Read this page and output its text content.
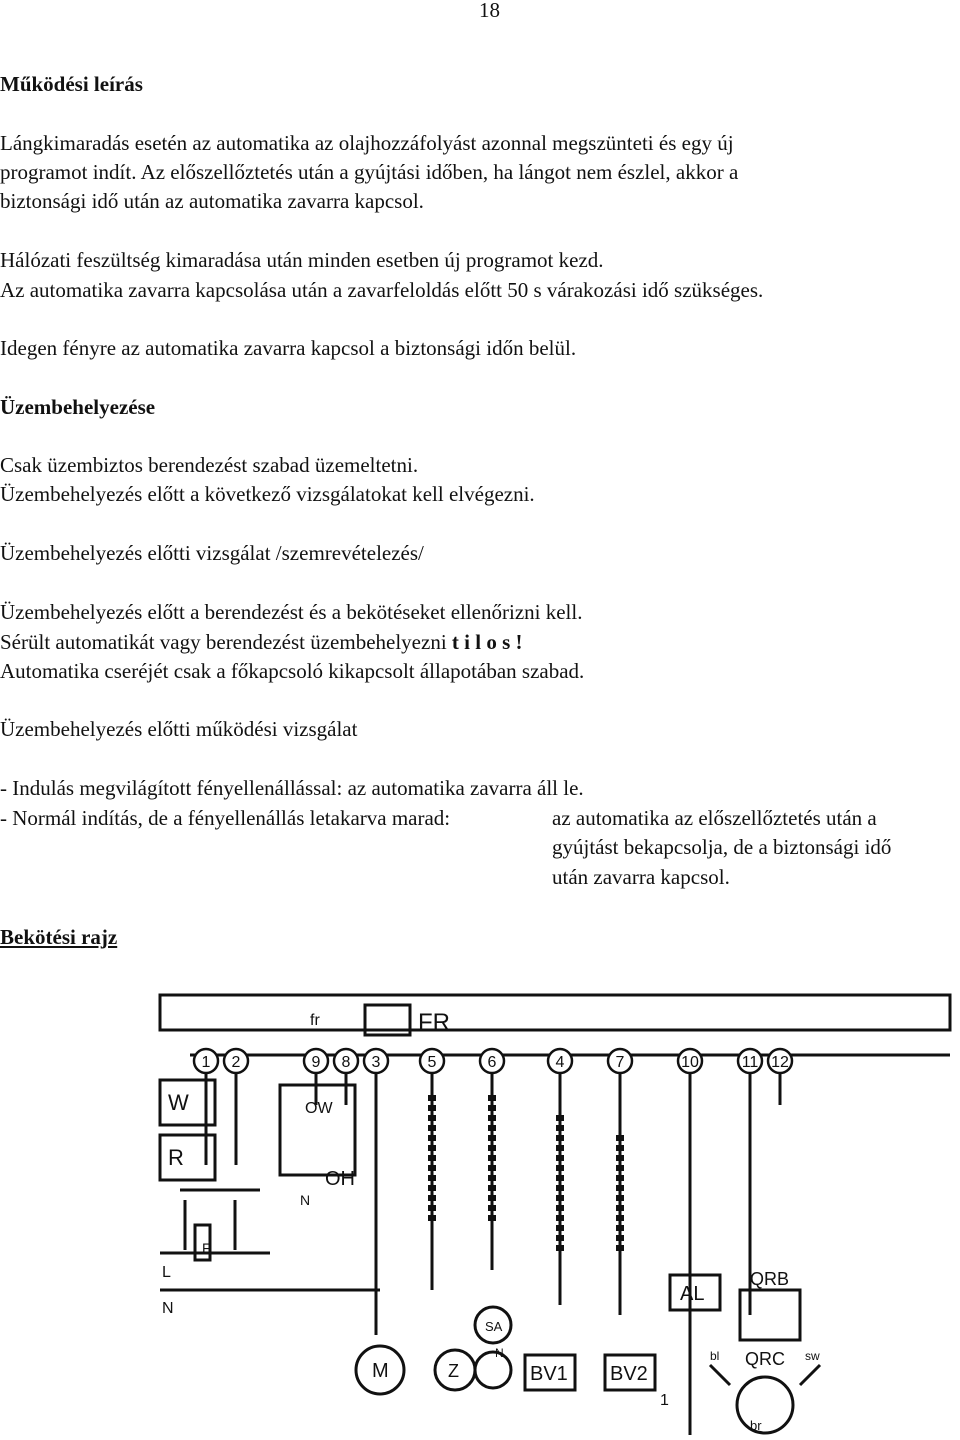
18
Működési leírás
Lángkimaradás esetén az automatika az olajhozzáfolyást azonnal megszünteti és egy új
programot indít. Az előszellőztetés után a gyújtási időben, ha lángot nem észlel, akkor a
biztonsági idő után az automatika zavarra kapcsol.
Hálózati feszültség kimaradása után minden esetben új programot kezd.
Az automatika zavarra kapcsolása után a zavarfeloldás előtt 50 s várakozási idő szükséges.
Idegen fényre az automatika zavarra kapcsol a biztonsági időn belül.
Üzembehelyezése
Csak üzembiztos berendezést szabad üzemeltetni.
Üzembehelyezés előtt a következő vizsgálatokat kell elvégezni.
Üzembehelyezés előtti vizsgálat /szemrevételezés/
Üzembehelyezés előtt a berendezést és a bekötéseket ellenőrizni kell.
Sérült automatikát vagy berendezést üzembehelyezni t i l o s !
Automatika cseréjét csak a főkapcsoló kikapcsolt állapotában szabad.
Üzembehelyezés előtti működési vizsgálat
- Indulás megvilágított fényellenállással: az automatika zavarra áll le.
- Normál indítás, de a fényellenállás letakarva marad:	az automatika az előszellőztetés után a
gyújtást bekapcsolja, de a biztonsági idő
után zavarra kapcsol.
Bekötési rajz
1 2	9 8 3	5	6	4	7	10	11 12
fr	FR
W
R
OW
OH
N
F
L
N
M	Z
SA
N
BV1 BV2
AL
QRB
QRC
bl	sw
br
1
